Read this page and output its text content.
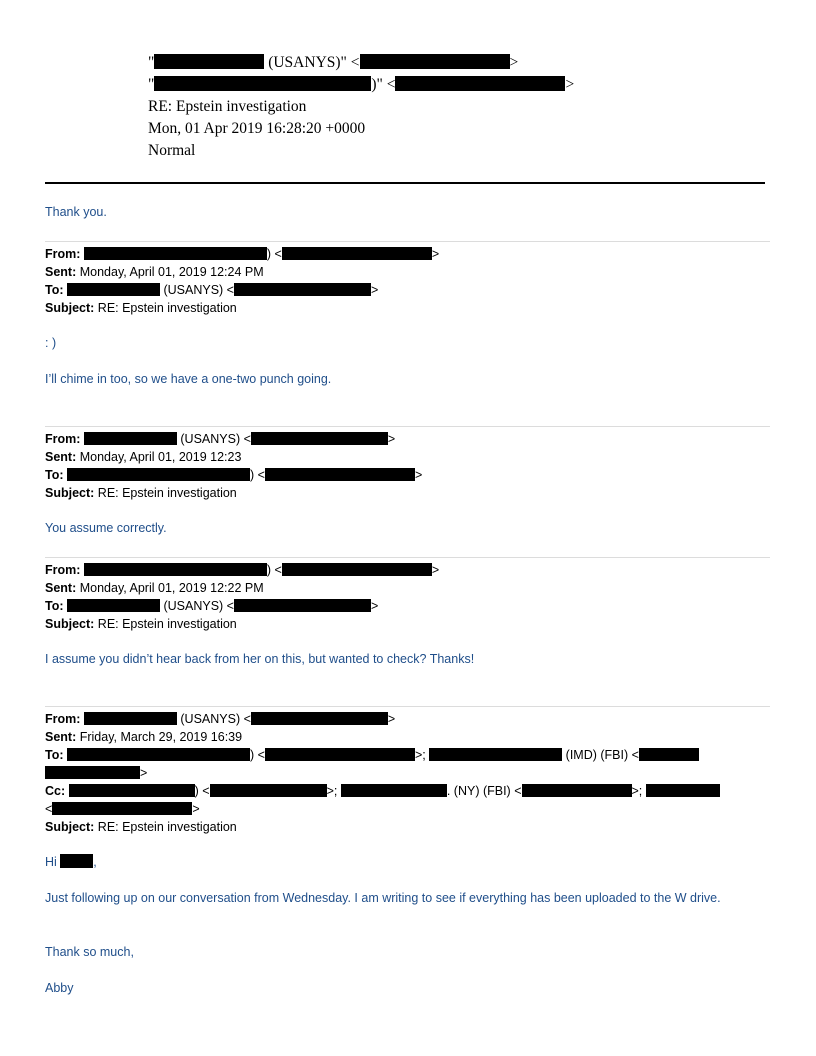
"	(USANYS)" <	>
"	)" <	>
RE: Epstein investigation
Mon, 01 Apr 2019 16:28:20 +0000
Normal
Thank you.
From:	) <	>
Sent: Monday, April 01, 2019 12:24 PM
To:	(USANYS) <	>
Subject: RE: Epstein investigation
: )
I’ll chime in too, so we have a one-two punch going.
From:	(USANYS) <	>
Sent: Monday, April 01, 2019 12:23
To:	) <	>
Subject: RE: Epstein investigation
You assume correctly.
From:	) <	>
Sent: Monday, April 01, 2019 12:22 PM
To:	(USANYS) <	>
Subject: RE: Epstein investigation
I assume you didn’t hear back from her on this, but wanted to check? Thanks!
From:	(USANYS) <	>
Sent: Friday, March 29, 2019 16:39
To:	) <	>;	(IMD) (FBI) <
>
Cc:	) <	>;	. (NY) (FBI) <	>;
<	>
Subject: RE: Epstein investigation
Hi	,
Just following up on our conversation from Wednesday. I am writing to see if everything has been uploaded to the W drive.
Thank so much,
Abby
